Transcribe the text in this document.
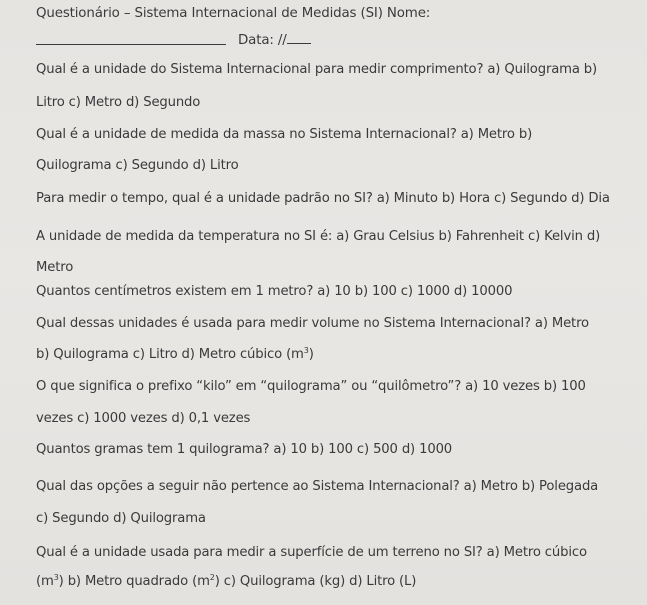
Questionário – Sistema Internacional de Medidas (SI) Nome:

Data: //

Qual é a unidade do Sistema Internacional para medir comprimento? a) Quilograma b)

Litro c) Metro d) Segundo

Qual é a unidade de medida da massa no Sistema Internacional? a) Metro b)

Quilograma c) Segundo d) Litro

Para medir o tempo, qual é a unidade padrão no SI? a) Minuto b) Hora c) Segundo d) Dia

A unidade de medida da temperatura no SI é: a) Grau Celsius b) Fahrenheit c) Kelvin d)

Metro

Quantos centímetros existem em 1 metro? a) 10 b) 100 c) 1000 d) 10000

Qual dessas unidades é usada para medir volume no Sistema Internacional? a) Metro

b) Quilograma c) Litro d) Metro cúbico $(m^3)$

O que significa o prefixo “kilo” em “quilograma” ou “quilômetro”? a) 10 vezes b) 100

vezes c) 1000 vezes d) 0,1 vezes

Quantos gramas tem 1 quilograma? a) 10 b) 100 c) 500 d) 1000

Qual das opções a seguir não pertence ao Sistema Internacional? a) Metro b) Polegada

c) Segundo d) Quilograma

Qual é a unidade usada para medir a superfície de um terreno no SI? a) Metro cúbico

$(m^3)$ b) Metro quadrado $(m^2)$ c) Quilograma (kg) d) Litro (L)
